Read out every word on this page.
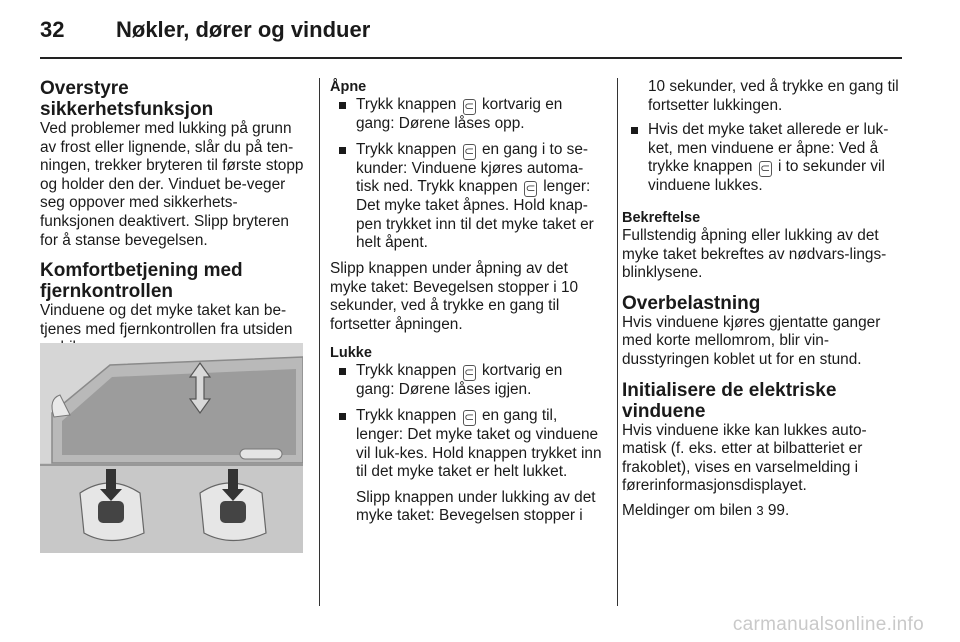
32 Nøkler, dører og vinduer
Overstyre sikkerhetsfunksjon

Ved problemer med lukking på grunn av frost eller lignende, slår du på ten-ningen, trekker bryteren til første stopp og holder den der. Vinduet be-veger seg oppover med sikkerhets-funksjonen deaktivert. Slipp bryteren for å stanse bevegelsen.

Komfortbetjening med fjernkontrollen

Vinduene og det myke taket kan be-tjenes med fjernkontrollen fra utsiden

Åpne
Trykk knappen ⊂ kortvarig en gang: Dørene låses opp.
Trykk knappen ⊂ en gang i to se-kunder: Vinduene kjøres automa-tisk ned. Trykk knappen ⊂ lenger: Det myke taket åpnes. Hold knap-pen trykket inn til det myke taket er helt åpent.

Slipp knappen under åpning av det myke taket: Bevegelsen stopper i 10 sekunder, ved å trykke en gang til fortsetter åpningen.

Lukke
Trykk knappen ⊂ kortvarig en gang: Dørene låses igjen.
Trykk knappen ⊂ en gang til, lenger: Det myke taket og vinduene vil luk-kes. Hold knappen trykket inn til det myke taket er helt lukket.

Slipp knappen under lukking av det myke taket: Bevegelsen stopper i

10 sekunder, ved å trykke en gang til fortsetter lukkingen.

Hvis det myke taket allerede er luk-ket, men vinduene er åpne: Ved å trykke knappen ⊂ i to sekunder vil vinduene lukkes.
Bekreftelse

Fullstendig åpning eller lukking av det myke taket bekreftes av nødvars-lings-blinklysene.

Overbelastning

Hvis vinduene kjøres gjentatte ganger med korte mellomrom, blir vin-dusstyringen koblet ut for en stund.

Initialisere de elektriske vinduene

Hvis vinduene ikke kan lukkes auto-matisk (f. eks. etter at bilbatteriet er frakoblet), vises en varselmelding i førerinformasjonsdisplayet.

Meldinger om bilen 3 99.

carmanualsonline.info
